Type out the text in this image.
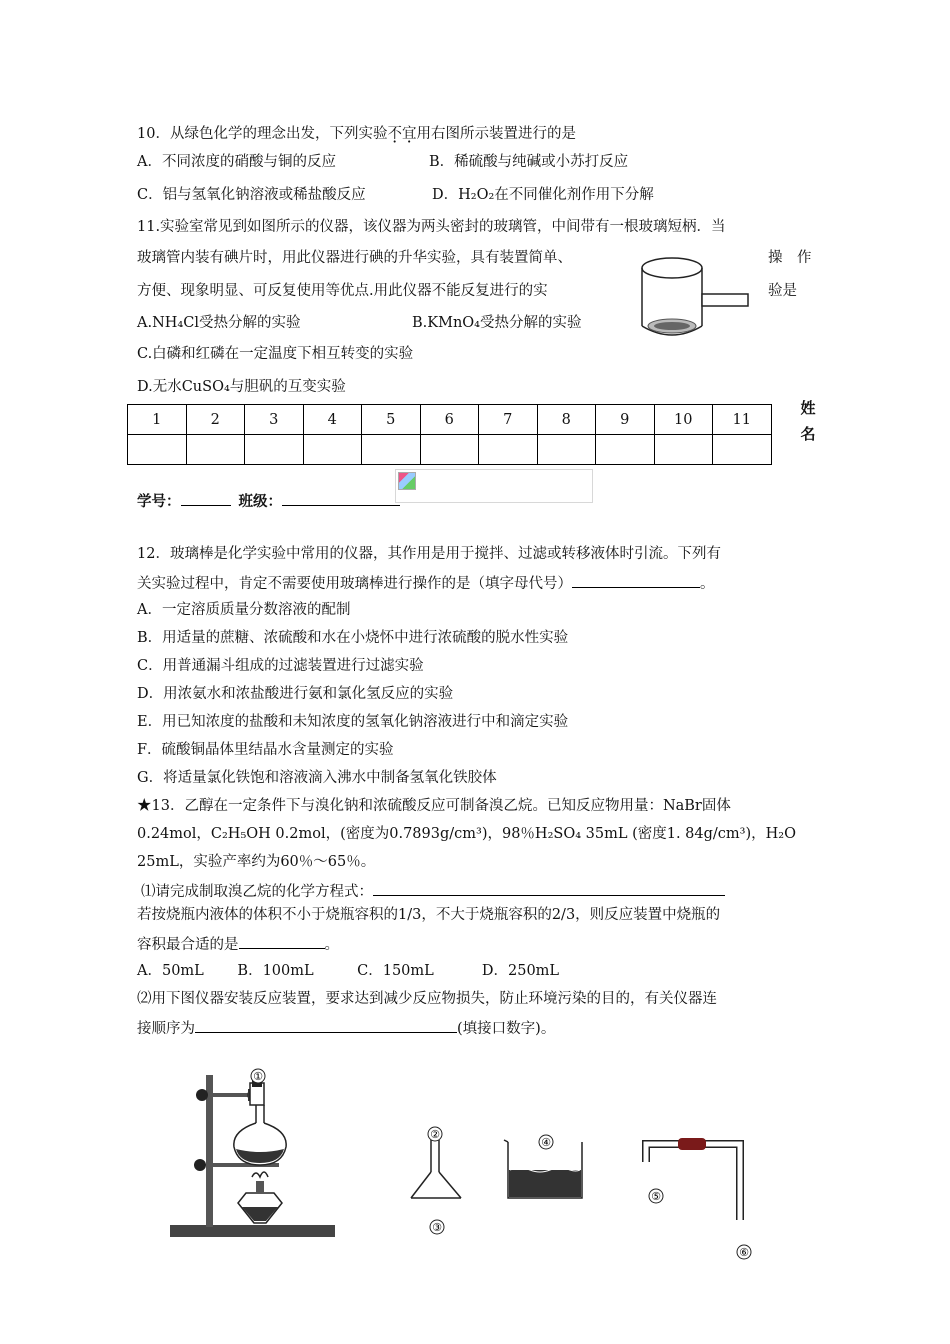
10．从绿色化学的理念出发，下列实验不宜用右图所示装置进行的是
A．不同浓度的硝酸与铜的反应	B．稀硫酸与纯碱或小苏打反应
C．铝与氢氧化钠溶液或稀盐酸反应	D．H₂O₂在不同催化剂作用下分解
11.实验室常见到如图所示的仪器，该仪器为两头密封的玻璃管，中间带有一根玻璃短柄．当
玻璃管内装有碘片时，用此仪器进行碘的升华实验，具有装置简单、	操　作
方便、现象明显、可反复使用等优点.用此仪器不能反复进行的实	验是
A.NH₄Cl受热分解的实验	B.KMnO₄受热分解的实验
C.白磷和红磷在一定温度下相互转变的实验
D.无水CuSO₄与胆矾的互变实验
1	2	3	4	5	6	7	8	9	10	11

姓
名
学号：	班级：
12．玻璃棒是化学实验中常用的仪器，其作用是用于搅拌、过滤或转移液体时引流。下列有
关实验过程中，肯定不需要使用玻璃棒进行操作的是（填字母代号）	。
A．一定溶质质量分数溶液的配制
B．用适量的蔗糖、浓硫酸和水在小烧怀中进行浓硫酸的脱水性实验
C．用普通漏斗组成的过滤装置进行过滤实验
D．用浓氨水和浓盐酸进行氨和氯化氢反应的实验
E．用已知浓度的盐酸和未知浓度的氢氧化钠溶液进行中和滴定实验
F．硫酸铜晶体里结晶水含量测定的实验
G．将适量氯化铁饱和溶液滴入沸水中制备氢氧化铁胶体
★13．乙醇在一定条件下与溴化钠和浓硫酸反应可制备溴乙烷。已知反应物用量：NaBr固体
0.24mol，C₂H₅OH 0.2mol，(密度为0.7893g/cm³)，98％H₂SO₄ 35mL (密度1. 84g/cm³)，H₂O
25mL，实验产率约为60％～65％。
⑴请完成制取溴乙烷的化学方程式：
若按烧瓶内液体的体积不小于烧瓶容积的1/3，不大于烧瓶容积的2/3，则反应装置中烧瓶的
容积最合适的是	。
A．50mL　　 B．100mL　　　C．150mL　　　 D．250mL
⑵用下图仪器安装反应装置，要求达到减少反应物损失，防止环境污染的目的，有关仪器连
接顺序为	(填接口数字)。
①
②
③
④
⑤
⑥
